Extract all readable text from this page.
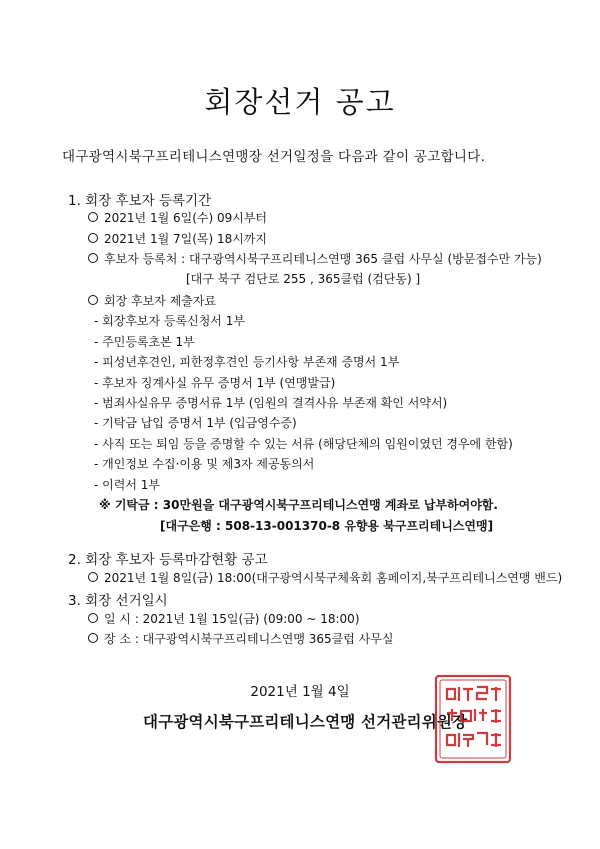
회장선거 공고
대구광역시북구프리테니스연맹장 선거일정을 다음과 같이 공고합니다.
1. 회장 후보자 등록기간
2021년 1월 6일(수) 09시부터
2021년 1월 7일(목) 18시까지
후보자 등록처 : 대구광역시북구프리테니스연맹 365 클럽 사무실 (방문접수만 가능)
[대구 북구 검단로 255 , 365클럽 (검단동) ]
회장 후보자 제출자료
- 회장후보자 등록신청서 1부
- 주민등록초본 1부
- 피성년후견인, 피한정후견인 등기사항 부존재 증명서 1부
- 후보자 징계사실 유무 증명서 1부 (연맹발급)
- 범죄사실유무 증명서류 1부 (임원의 결격사유 부존재 확인 서약서)
- 기탁금 납입 증명서 1부 (입금영수증)
- 사직 또는 퇴임 등을 증명할 수 있는 서류 (해당단체의 임원이였던 경우에 한함)
- 개인정보 수집·이용 및 제3자 제공동의서
- 이력서 1부
※ 기탁금 : 30만원을 대구광역시북구프리테니스연맹 계좌로 납부하여야함.
[대구은행 : 508-13-001370-8 유향용 북구프리테니스연맹]
2. 회장 후보자 등록마감현황 공고
2021년 1월 8일(금) 18:00(대구광역시북구체육회 홈페이지,북구프리테니스연맹 밴드)
3. 회장 선거일시
일 시 : 2021년 1월 15일(금) (09:00 ~ 18:00)
장 소 : 대구광역시북구프리테니스연맹 365클럽 사무실
2021년 1월 4일
대구광역시북구프리테니스연맹 선거관리위원장
